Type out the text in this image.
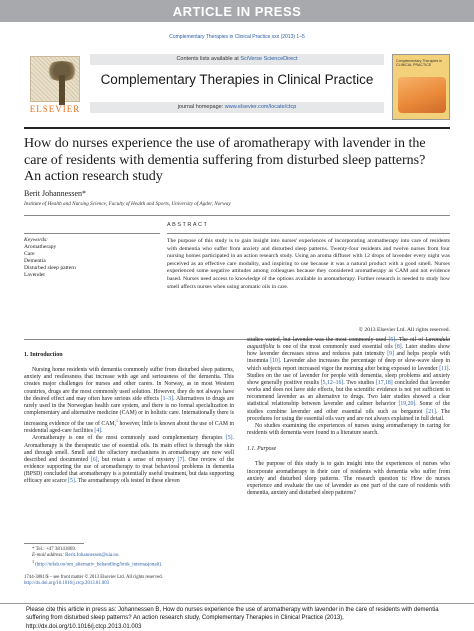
ARTICLE IN PRESS
Complementary Therapies in Clinical Practice xxx (2013) 1–5
ELSEVIER
Contents lists available at SciVerse ScienceDirect
Complementary Therapies in Clinical Practice
journal homepage: www.elsevier.com/locate/ctcp
Complementary Therapies in CLINICAL PRACTICE
How do nurses experience the use of aromatherapy with lavender in the care of residents with dementia suffering from disturbed sleep patterns? An action research study
Berit Johannessen*
Institute of Health and Nursing Science, Faculty of Health and Sports, University of Agder, Norway
ABSTRACT
Keywords:
Aromatherapy
Care
Dementia
Disturbed sleep pattern
Lavender
The purpose of this study is to gain insight into nurses' experiences of incorporating aromatherapy into care of residents with dementia who suffer from anxiety and disturbed sleep patterns. Twenty-four residents and twelve nurses from four nursing homes participated in an action research study. Using an aroma diffuser with 12 drops of lavender every night was perceived as an effective care modality, and inspiring to use because it was a natural product with a good smell. Nurses experienced some negative attitudes among colleagues because they considered aromatherapy as CAM and not evidence based. Nurses need access to knowledge of the options available in aromatherapy. Further research is needed to study how smell affects nurses when using aromatic oils in care.
© 2013 Elsevier Ltd. All rights reserved.
1. Introduction

Nursing home residents with dementia commonly suffer from disturbed sleep patterns, anxiety and restlessness that increase with age and seriousness of the dementia. This creates major challenges for nurses and other carers. In Norway, as in most Western countries, drugs are the most commonly used solution. However, they do not always have the desired effect and may often have serious side effects [1–3]. Alternatives to drugs are rarely used in the Norwegian health care system, and there is no formal specialization in complementary and alternative medicine (CAM) or in holistic care. Internationally there is increasing evidence of the use of CAM,$^1$ however, little is known about the use of CAM in residential aged-care facilities [4].

Aromatherapy is one of the most commonly used complementary therapies [5]. Aromatherapy is the therapeutic use of essential oils. Its main effect is through the skin and through smell. Smell and the olfactory mechanisms in aromatherapy are now well described and documented [6], but retain a sense of mystery [7]. One review of the evidence supporting the use of aromatherapy to treat behavioral problems in dementia (BPSD) concluded that aromatherapy is a potentially useful treatment, but data supporting efficacy are scarce [5]. The aromatherapy oils tested in these eleven

studies varied, but lavender was the most commonly used [5]. The oil of Lavandula augustifolia is one of the most commonly used essential oils [8]. Later studies show how lavender decreases stress and reduces pain intensity [9] and helps people with insomnia [10]. Lavender also increases the percentage of deep or slow-wave sleep in which subjects report increased vigor the morning after being exposed to lavender [11]. Studies on the use of lavender for people with dementia, sleep problems and anxiety show generally positive results [5,12–16]. Two studies [17,18] concluded that lavender works and does not have side effects, but the scientific evidence is not yet sufficient to recommend lavender as an alternative to drugs. Two later studies showed a clear statistical relationship between lavender and calmer behavior [19,20]. Some of the studies combine lavender and other essential oils such as bergamot [21]. The procedures for using the essential oils vary and are not always explained in full detail.

No studies examining the experiences of nurses using aromatherapy in caring for residents with dementia were found in a literature search.

1.1. Purpose

The purpose of this study is to gain insight into the experiences of nurses who incorporate aromatherapy in their care of residents with dementia who suffer from anxiety and disturbed sleep patterns. The research question is: How do nurses experience and evaluate the use of lavender as one part of the care of residents with dementia, anxiety and disturbed sleep patterns?

* Tel.: +47 38141869.
E-mail address: Berit.Johannessen@uia.no.
$^1$ (http://nifab.no/om_alternativ_behandling/bruk_internasjonalt).
1744-3881/$ – see front matter © 2013 Elsevier Ltd. All rights reserved.
http://dx.doi.org/10.1016/j.ctcp.2013.01.003
Please cite this article in press as: Johannessen B, How do nurses experience the use of aromatherapy with lavender in the care of residents with dementia suffering from disturbed sleep patterns? An action research study, Complementary Therapies in Clinical Practice (2013), http://dx.doi.org/10.1016/j.ctcp.2013.01.003
